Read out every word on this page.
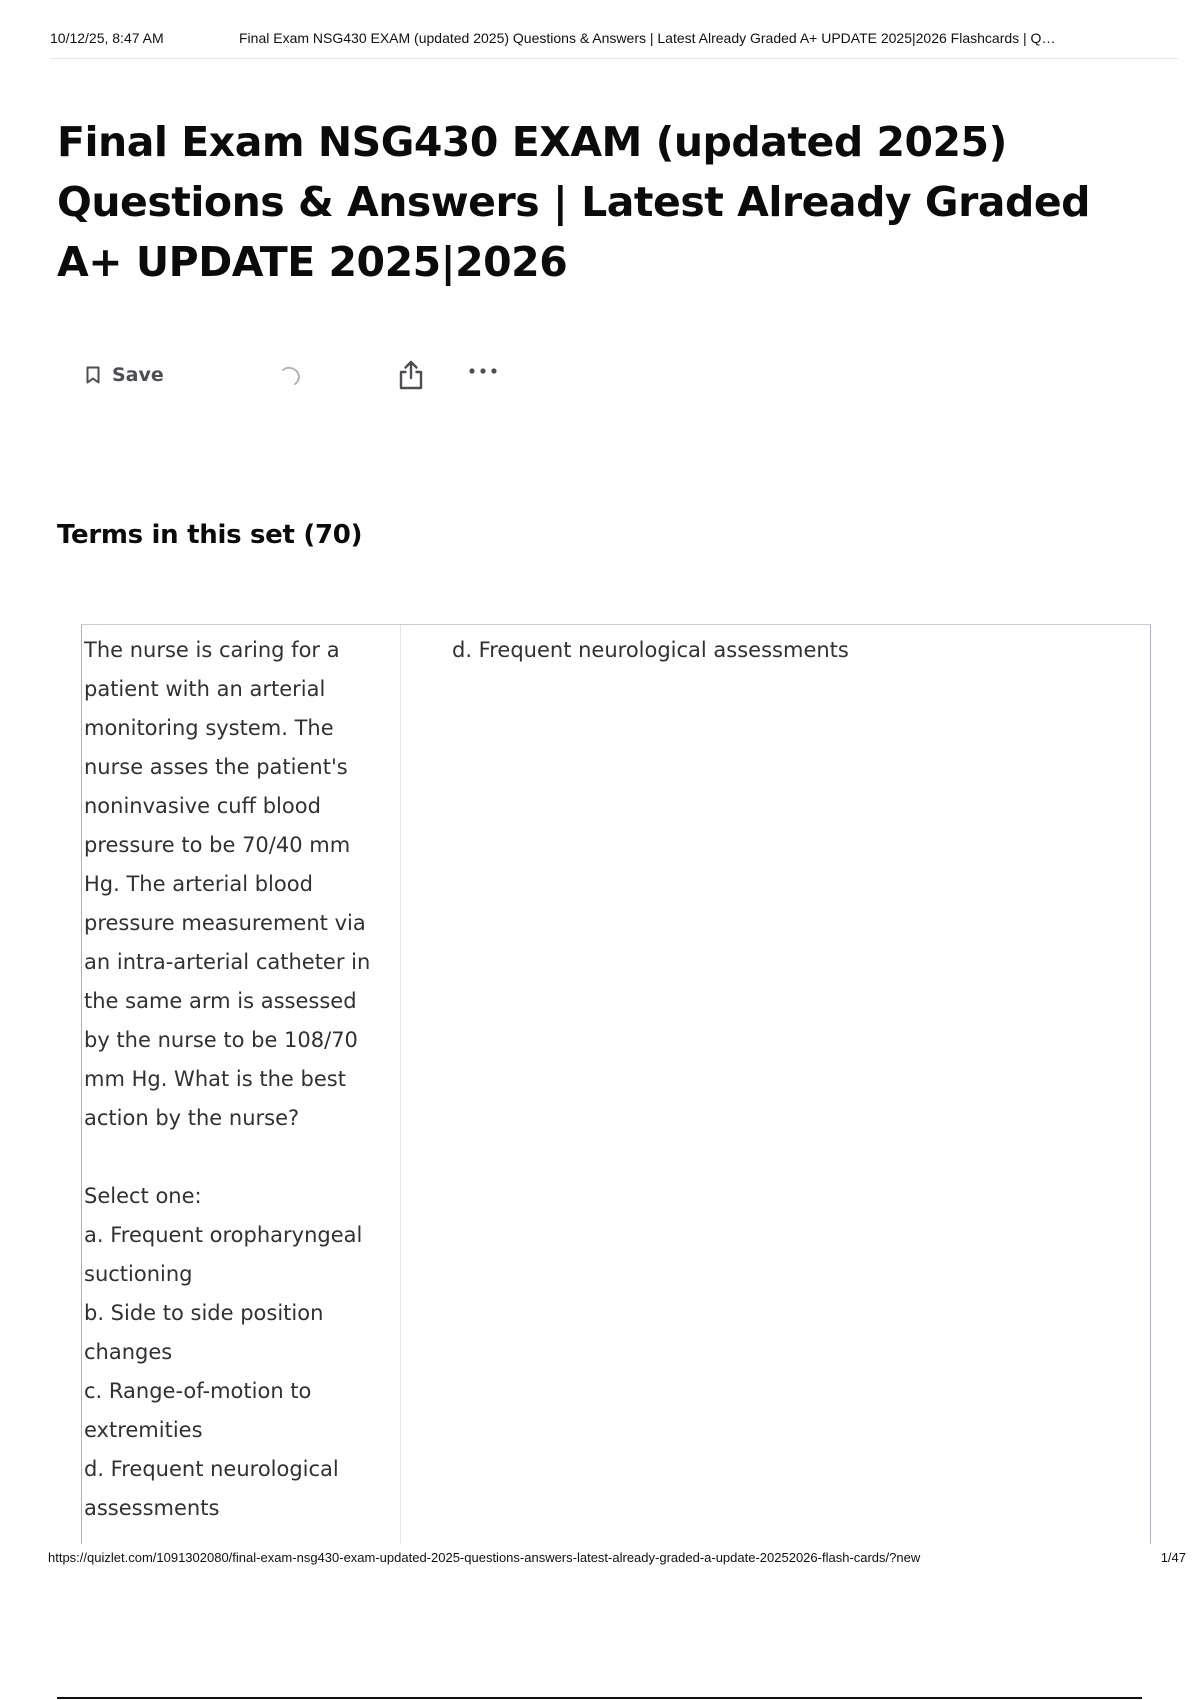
10/12/25, 8:47 AM	Final Exam NSG430 EXAM (updated 2025) Questions & Answers | Latest Already Graded A+ UPDATE 2025|2026 Flashcards | Q…
Final Exam NSG430 EXAM (updated 2025) Questions & Answers | Latest Already Graded A+ UPDATE 2025|2026
Save
Terms in this set (70)
The nurse is caring for a
patient with an arterial
monitoring system. The
nurse asses the patient's
noninvasive cuff blood
pressure to be 70/40 mm
Hg. The arterial blood
pressure measurement via
an intra-arterial catheter in
the same arm is assessed
by the nurse to be 108/70
mm Hg. What is the best
action by the nurse?
Select one:
a. Frequent oropharyngeal
suctioning
b. Side to side position
changes
c. Range-of-motion to
extremities
d. Frequent neurological
assessments
d. Frequent neurological assessments
https://quizlet.com/1091302080/final-exam-nsg430-exam-updated-2025-questions-answers-latest-already-graded-a-update-20252026-flash-cards/?new	1/47
